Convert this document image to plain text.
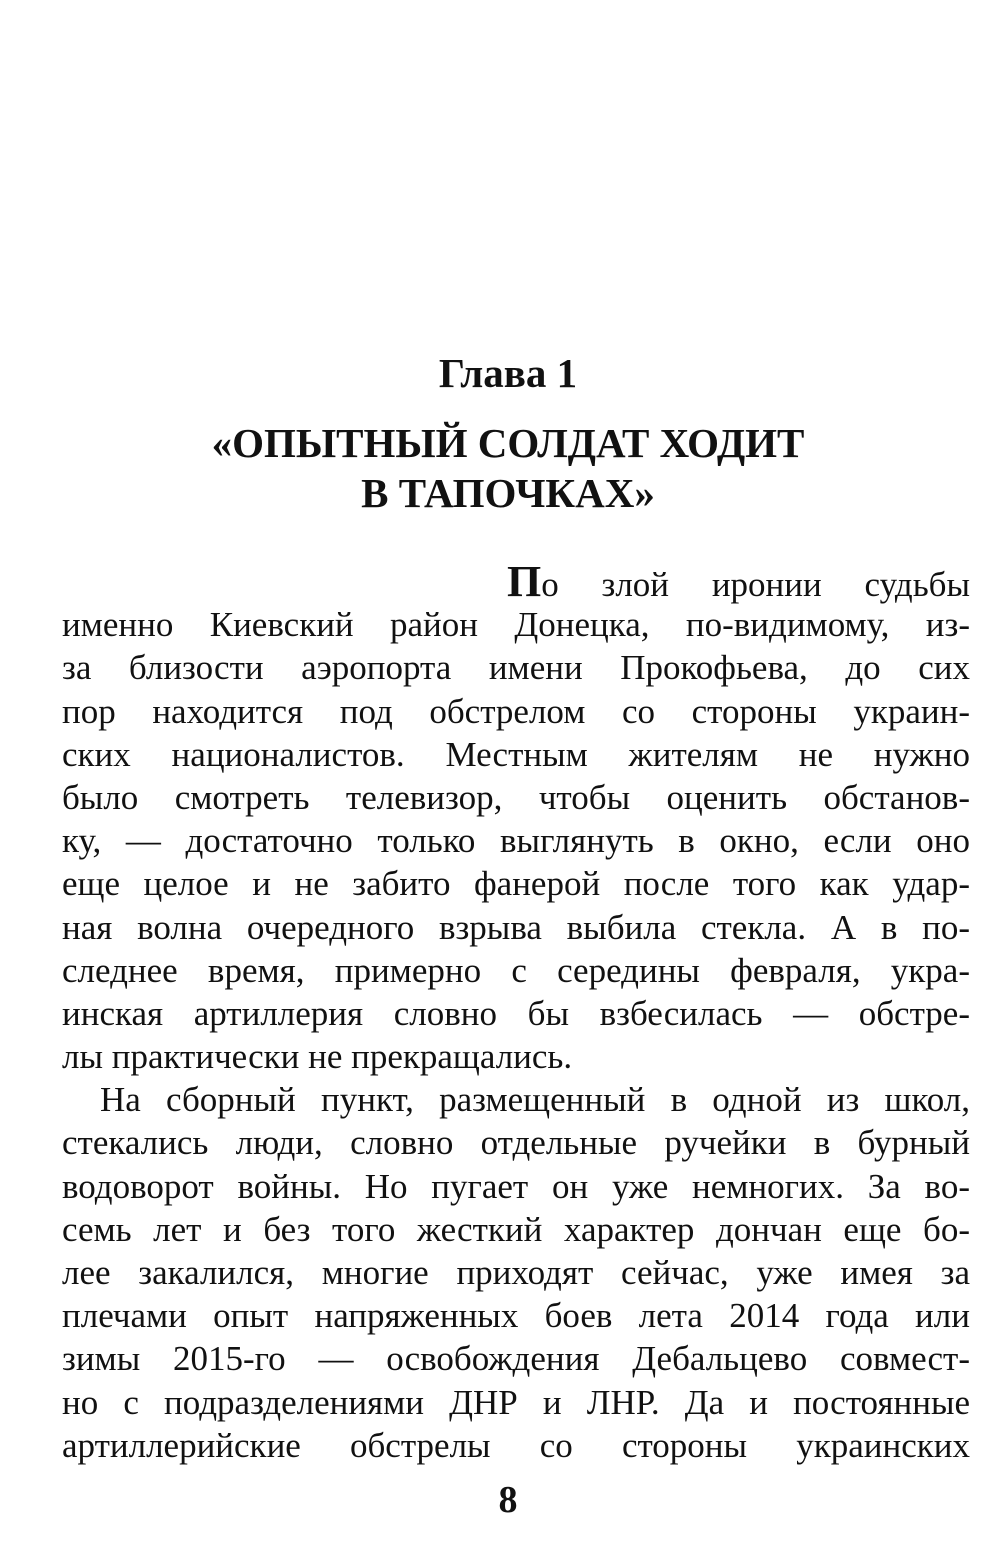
Глава 1
«ОПЫТНЫЙ СОЛДАТ ХОДИТ
В ТАПОЧКАХ»
По злой иронии судьбы
именно Киевский район Донецка, по-видимому, из-
за близости аэропорта имени Прокофьева, до сих
пор находится под обстрелом со стороны украин-
ских националистов. Местным жителям не нужно
было смотреть телевизор, чтобы оценить обстанов-
ку, — достаточно только выглянуть в окно, если оно
еще целое и не забито фанерой после того как удар-
ная волна очередного взрыва выбила стекла. А в по-
следнее время, примерно с середины февраля, укра-
инская артиллерия словно бы взбесилась — обстре-
лы практически не прекращались.
На сборный пункт, размещенный в одной из школ,
стекались люди, словно отдельные ручейки в бурный
водоворот войны. Но пугает он уже немногих. За во-
семь лет и без того жесткий характер дончан еще бо-
лее закалился, многие приходят сейчас, уже имея за
плечами опыт напряженных боев лета 2014 года или
зимы 2015-го — освобождения Дебальцево совмест-
но с подразделениями ДНР и ЛНР. Да и постоянные
артиллерийские обстрелы со стороны украинских
8
